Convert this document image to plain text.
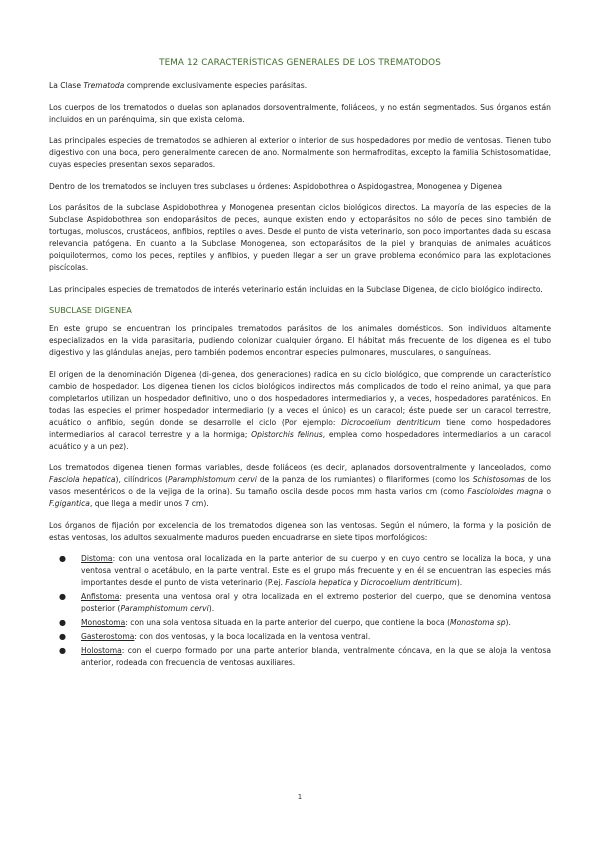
TEMA 12 CARACTERÍSTICAS GENERALES DE LOS TREMATODOS

La Clase Trematoda comprende exclusivamente especies parásitas.

Los cuerpos de los trematodos o duelas son aplanados dorsoventralmente, foliáceos, y no están segmentados. Sus órganos están incluidos en un parénquima, sin que exista celoma.

Las principales especies de trematodos se adhieren al exterior o interior de sus hospedadores por medio de ventosas. Tienen tubo digestivo con una boca, pero generalmente carecen de ano. Normalmente son hermafroditas, excepto la familia Schistosomatidae, cuyas especies presentan sexos separados.

Dentro de los trematodos se incluyen tres subclases u órdenes: Aspidobothrea o Aspidogastrea, Monogenea y Digenea

Los parásitos de la subclase Aspidobothrea y Monogenea presentan ciclos biológicos directos. La mayoría de las especies de la Subclase Aspidobothrea son endoparásitos de peces, aunque existen endo y ectoparásitos no sólo de peces sino también de tortugas, moluscos, crustáceos, anfibios, reptiles o aves. Desde el punto de vista veterinario, son poco importantes dada su escasa relevancia patógena. En cuanto a la Subclase Monogenea, son ectoparásitos de la piel y branquias de animales acuáticos poiquilotermos, como los peces, reptiles y anfibios, y pueden llegar a ser un grave problema económico para las explotaciones piscícolas.

Las principales especies de trematodos de interés veterinario están incluidas en la Subclase Digenea, de ciclo biológico indirecto.

SUBCLASE DIGENEA

En este grupo se encuentran los principales trematodos parásitos de los animales domésticos. Son individuos altamente especializados en la vida parasitaria, pudiendo colonizar cualquier órgano. El hábitat más frecuente de los digenea es el tubo digestivo y las glándulas anejas, pero también podemos encontrar especies pulmonares, musculares, o sanguíneas.

El origen de la denominación Digenea (di-genea, dos generaciones) radica en su ciclo biológico, que comprende un característico cambio de hospedador. Los digenea tienen los ciclos biológicos indirectos más complicados de todo el reino animal, ya que para completarlos utilizan un hospedador definitivo, uno o dos hospedadores intermediarios y, a veces, hospedadores paraténicos. En todas las especies el primer hospedador intermediario (y a veces el único) es un caracol; éste puede ser un caracol terrestre, acuático o anfibio, según donde se desarrolle el ciclo (Por ejemplo: Dicrocoelium dentriticum tiene como hospedadores intermediarios al caracol terrestre y a la hormiga; Opistorchis felinus, emplea como hospedadores intermediarios a un caracol acuático y a un pez).

Los trematodos digenea tienen formas variables, desde foliáceos (es decir, aplanados dorsoventralmente y lanceolados, como Fasciola hepatica), cilíndricos (Paramphistomum cervi de la panza de los rumiantes) o filariformes (como los Schistosomas de los vasos mesentéricos o de la vejiga de la orina). Su tamaño oscila desde pocos mm hasta varios cm (como Fascioloides magna o F.gigantica, que llega a medir unos 7 cm).

Los órganos de fijación por excelencia de los trematodos digenea son las ventosas. Según el número, la forma y la posición de estas ventosas, los adultos sexualmente maduros pueden encuadrarse en siete tipos morfológicos:

● Distoma: con una ventosa oral localizada en la parte anterior de su cuerpo y en cuyo centro se localiza la boca, y una ventosa ventral o acetábulo, en la parte ventral. Este es el grupo más frecuente y en él se encuentran las especies más importantes desde el punto de vista veterinario (P.ej. Fasciola hepatica y Dicrocoelium dentriticum).
● Anfistoma: presenta una ventosa oral y otra localizada en el extremo posterior del cuerpo, que se denomina ventosa posterior (Paramphistomum cervi).
● Monostoma: con una sola ventosa situada en la parte anterior del cuerpo, que contiene la boca (Monostoma sp).
● Gasterostoma: con dos ventosas, y la boca localizada en la ventosa ventral.
● Holostoma: con el cuerpo formado por una parte anterior blanda, ventralmente cóncava, en la que se aloja la ventosa anterior, rodeada con frecuencia de ventosas auxiliares.
1
